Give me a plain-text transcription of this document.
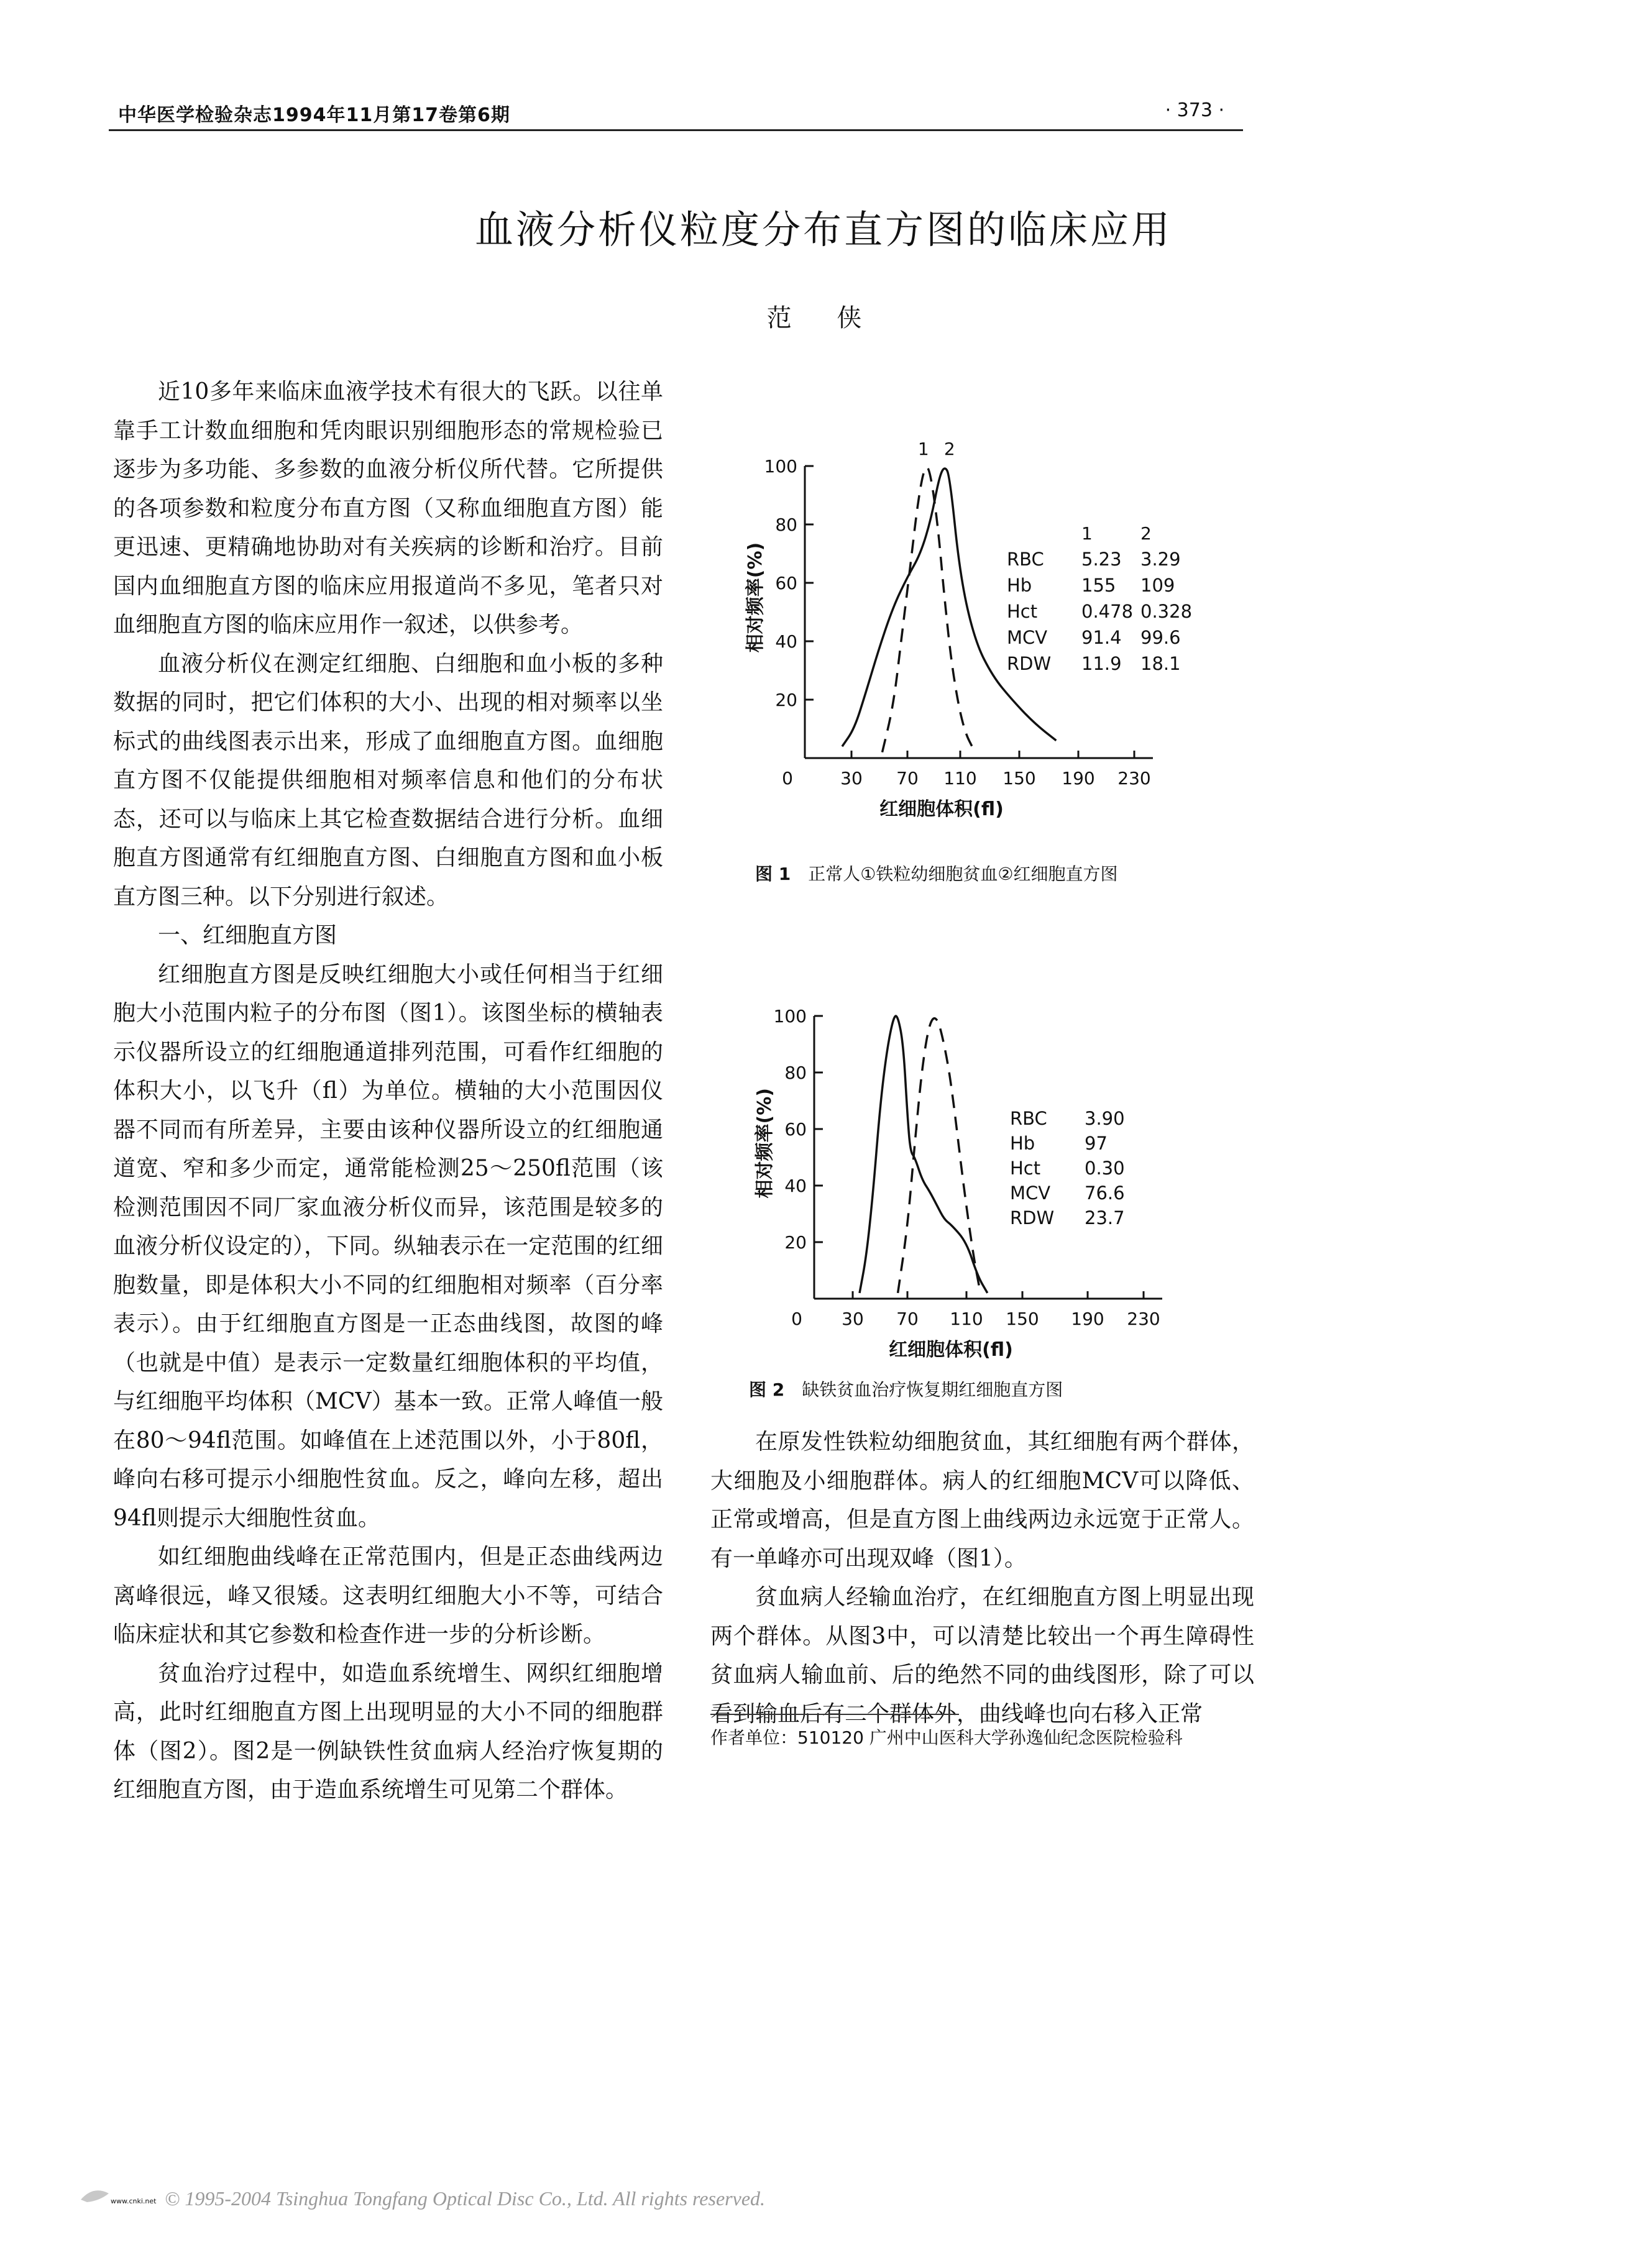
中华医学检验杂志1994年11月第17卷第6期	· 373 ·
血液分析仪粒度分布直方图的临床应用
范 侠

近10多年来临床血液学技术有很大的飞跃。以往单靠手工计数血细胞和凭肉眼识别细胞形态的常规检验已逐步为多功能、多参数的血液分析仪所代替。它所提供的各项参数和粒度分布直方图（又称血细胞直方图）能更迅速、更精确地协助对有关疾病的诊断和治疗。目前国内血细胞直方图的临床应用报道尚不多见，笔者只对血细胞直方图的临床应用作一叙述，以供参考。

血液分析仪在测定红细胞、白细胞和血小板的多种数据的同时，把它们体积的大小、出现的相对频率以坐标式的曲线图表示出来，形成了血细胞直方图。血细胞直方图不仅能提供细胞相对频率信息和他们的分布状态，还可以与临床上其它检查数据结合进行分析。血细胞直方图通常有红细胞直方图、白细胞直方图和血小板直方图三种。以下分别进行叙述。

一、红细胞直方图

红细胞直方图是反映红细胞大小或任何相当于红细胞大小范围内粒子的分布图（图1）。该图坐标的横轴表示仪器所设立的红细胞通道排列范围，可看作红细胞的体积大小，以飞升（fl）为单位。横轴的大小范围因仪器不同而有所差异，主要由该种仪器所设立的红细胞通道宽、窄和多少而定，通常能检测25～250fl范围（该检测范围因不同厂家血液分析仪而异，该范围是较多的血液分析仪设定的），下同。纵轴表示在一定范围的红细胞数量，即是体积大小不同的红细胞相对频率（百分率表示）。由于红细胞直方图是一正态曲线图，故图的峰（也就是中值）是表示一定数量红细胞体积的平均值，与红细胞平均体积（MCV）基本一致。正常人峰值一般在80～94fl范围。如峰值在上述范围以外，小于80fl，峰向右移可提示小细胞性贫血。反之，峰向左移，超出94fl则提示大细胞性贫血。

如红细胞曲线峰在正常范围内，但是正态曲线两边离峰很远，峰又很矮。这表明红细胞大小不等，可结合临床症状和其它参数和检查作进一步的分析诊断。

贫血治疗过程中，如造血系统增生、网织红细胞增高，此时红细胞直方图上出现明显的大小不同的细胞群体（图2）。图2是一例缺铁性贫血病人经治疗恢复期的红细胞直方图，由于造血系统增生可见第二个群体。

0	30 70 110 150 190 230
20
40
60
80
100
红细胞体积(fl)
相对频率(%)
1 2
1	2
RBC 5.23 3.29
Hb	155 109
Hct 0.478 0.328
MCV 91.4 99.6
RDW 11.9 18.1
图 1 正常人①铁粒幼细胞贫血②红细胞直方图
0 30 70 110 150 190 230
20
40
60
80
100
红细胞体积(fl)
相对频率(%)	RBC 3.90
Hb	97
Hct 0.30
MCV 76.6
RDW 23.7
图 2 缺铁贫血治疗恢复期红细胞直方图

在原发性铁粒幼细胞贫血，其红细胞有两个群体，大细胞及小细胞群体。病人的红细胞MCV可以降低、正常或增高，但是直方图上曲线两边永远宽于正常人。有一单峰亦可出现双峰（图1）。

贫血病人经输血治疗，在红细胞直方图上明显出现两个群体。从图3中，可以清楚比较出一个再生障碍性贫血病人输血前、后的绝然不同的曲线图形，除了可以看到输血后有二个群体外，曲线峰也向右移入正常

作者单位：510120 广州中山医科大学孙逸仙纪念医院检验科
www.cnki.net © 1995-2004 Tsinghua Tongfang Optical Disc Co., Ltd. All rights reserved.
